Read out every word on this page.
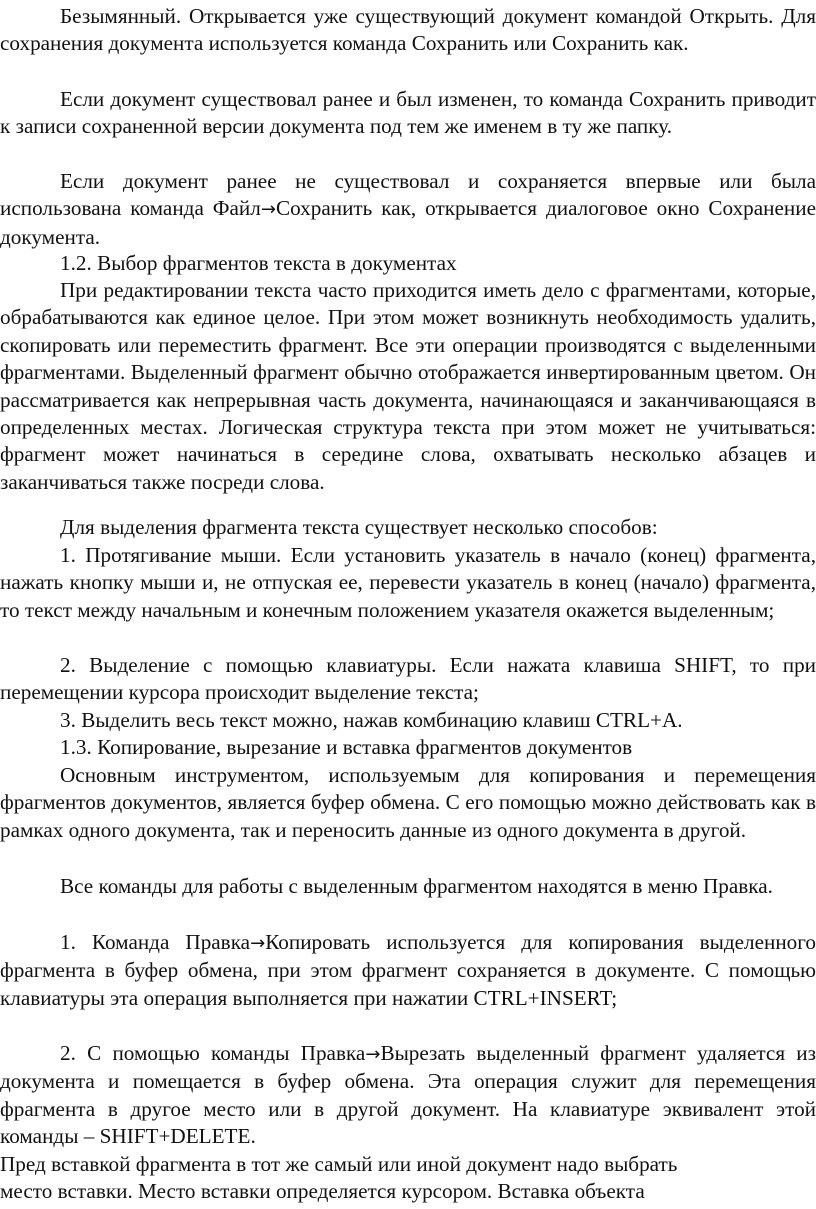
Безымянный. Открывается уже существующий документ командой Открыть. Для сохранения документа используется команда Сохранить или Сохранить как.

Если документ существовал ранее и был изменен, то команда Сохранить приводит к записи сохраненной версии документа под тем же именем в ту же папку.

Если документ ранее не существовал и сохраняется впервые или была использована команда Файл→Сохранить как, открывается диалоговое окно Сохранение документа.

1.2. Выбор фрагментов текста в документах

При редактировании текста часто приходится иметь дело с фрагментами, которые, обрабатываются как единое целое. При этом может возникнуть необходимость удалить, скопировать или переместить фрагмент. Все эти операции производятся с выделенными фрагментами. Выделенный фрагмент обычно отображается инвертированным цветом. Он рассматривается как непрерывная часть документа, начинающаяся и заканчивающаяся в определенных местах. Логическая структура текста при этом может не учитываться: фрагмент может начинаться в середине слова, охватывать несколько абзацев и заканчиваться также посреди слова.

Для выделения фрагмента текста существует несколько способов:

1. Протягивание мыши. Если установить указатель в начало (конец) фрагмента, нажать кнопку мыши и, не отпуская ее, перевести указатель в конец (начало) фрагмента, то текст между начальным и конечным положением указателя окажется выделенным;

2. Выделение с помощью клавиатуры. Если нажата клавиша SHIFT, то при перемещении курсора происходит выделение текста;

3. Выделить весь текст можно, нажав комбинацию клавиш CTRL+A.

1.3. Копирование, вырезание и вставка фрагментов документов

Основным инструментом, используемым для копирования и перемещения фрагментов документов, является буфер обмена. С его помощью можно действовать как в рамках одного документа, так и переносить данные из одного документа в другой.

Все команды для работы с выделенным фрагментом находятся в меню Правка.

1. Команда Правка→Копировать используется для копирования выделенного фрагмента в буфер обмена, при этом фрагмент сохраняется в документе. С помощью клавиатуры эта операция выполняется при нажатии CTRL+INSERT;

2. С помощью команды Правка→Вырезать выделенный фрагмент удаляется из документа и помещается в буфер обмена. Эта операция служит для перемещения фрагмента в другое место или в другой документ. На клавиатуре эквивалент этой команды – SHIFT+DELETE.

Пред вставкой фрагмента в тот же самый или иной документ надо выбрать
место вставки. Место вставки определяется курсором. Вставка объекта
